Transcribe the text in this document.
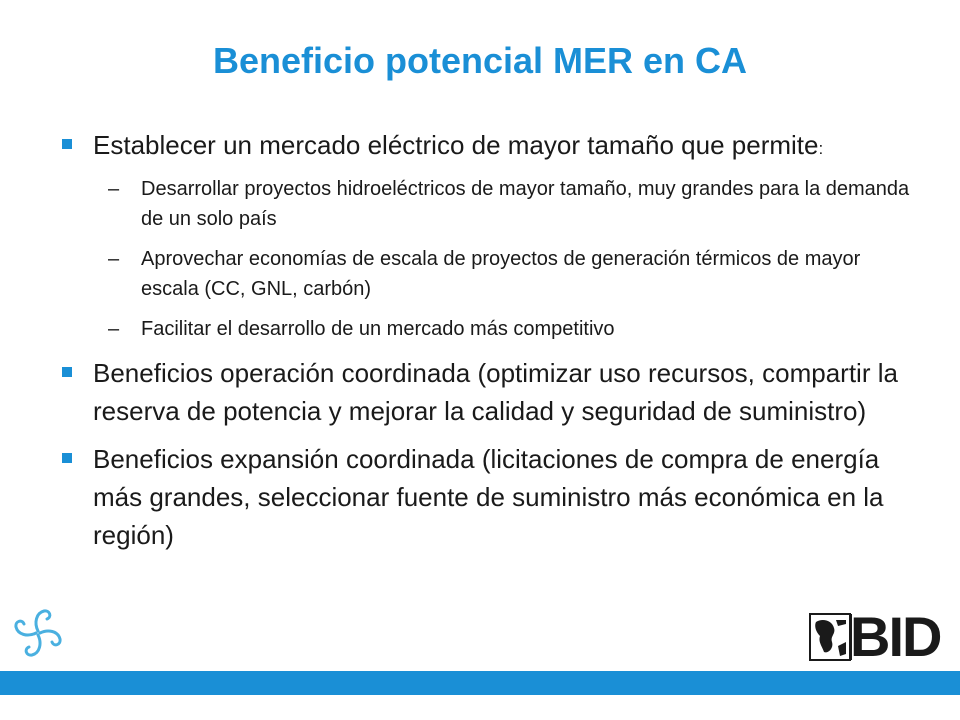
Beneficio potencial MER en CA
Establecer un mercado eléctrico de mayor tamaño que permite:
– Desarrollar proyectos hidroeléctricos de mayor tamaño, muy grandes para la demanda de un solo país
– Aprovechar economías de escala de proyectos de generación térmicos de mayor escala (CC, GNL, carbón)
– Facilitar el desarrollo de un mercado más competitivo
Beneficios operación coordinada (optimizar uso recursos, compartir la reserva de potencia y mejorar la calidad y seguridad de suministro)
Beneficios expansión coordinada (licitaciones de compra de energía más grandes, seleccionar fuente de suministro más económica en la región)
BID
